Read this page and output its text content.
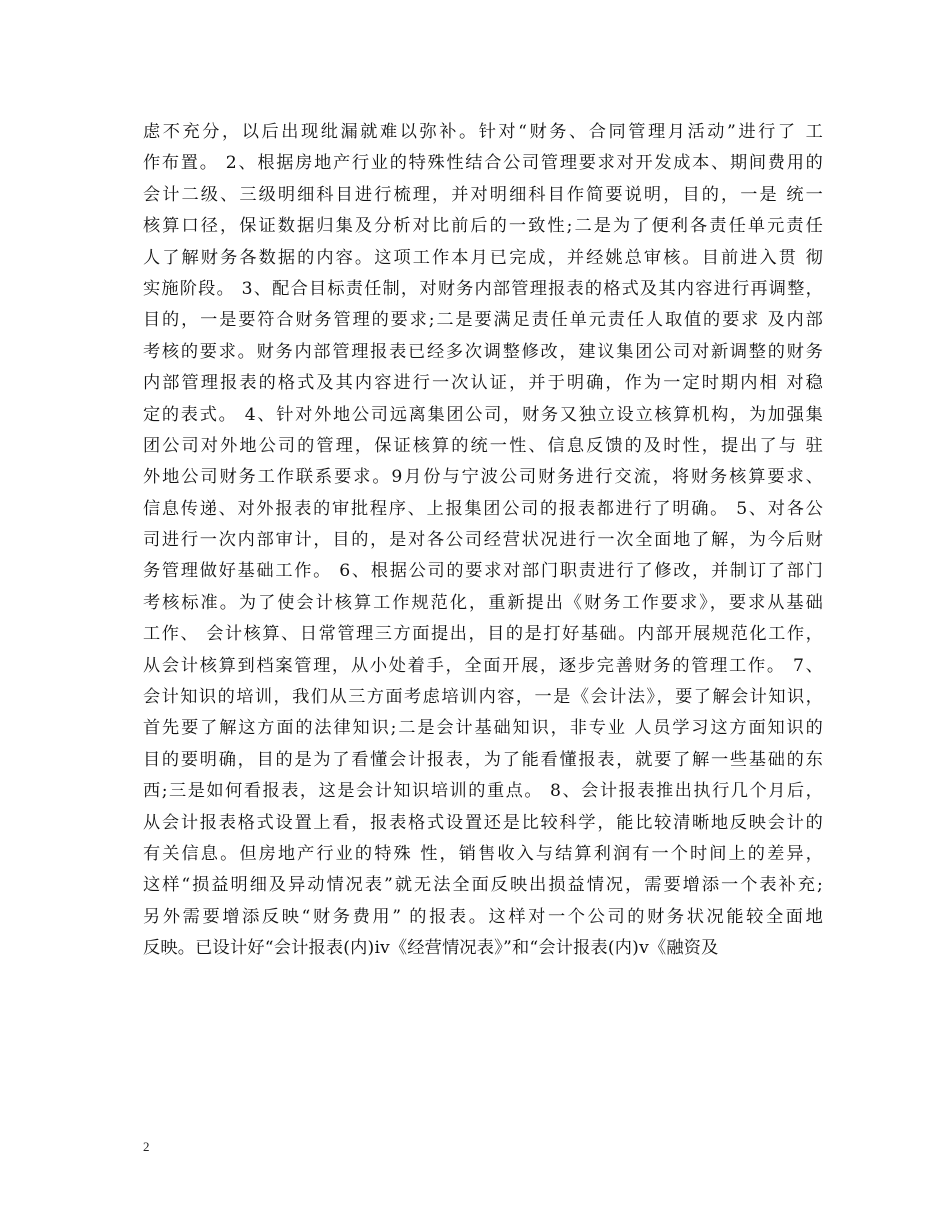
虑不充分，以后出现纰漏就难以弥补。针对“财务、合同管理月活动”进行了 工
作布置。 2、根据房地产行业的特殊性结合公司管理要求对开发成本、期间费用的
会计二级、三级明细科目进行梳理，并对明细科目作简要说明，目的，一是 统一
核算口径，保证数据归集及分析对比前后的一致性;二是为了便利各责任单元责任
人了解财务各数据的内容。这项工作本月已完成，并经姚总审核。目前进入贯 彻
实施阶段。 3、配合目标责任制，对财务内部管理报表的格式及其内容进行再调整，
目的，一是要符合财务管理的要求;二是要满足责任单元责任人取值的要求 及内部
考核的要求。财务内部管理报表已经多次调整修改，建议集团公司对新调整的财务
内部管理报表的格式及其内容进行一次认证，并于明确，作为一定时期内相 对稳
定的表式。 4、针对外地公司远离集团公司，财务又独立设立核算机构，为加强集
团公司对外地公司的管理，保证核算的统一性、信息反馈的及时性，提出了与 驻
外地公司财务工作联系要求。9月份与宁波公司财务进行交流，将财务核算要求、
信息传递、对外报表的审批程序、上报集团公司的报表都进行了明确。 5、对各公
司进行一次内部审计，目的，是对各公司经营状况进行一次全面地了解，为今后财
务管理做好基础工作。 6、根据公司的要求对部门职责进行了修改，并制订了部门
考核标准。为了使会计核算工作规范化，重新提出《财务工作要求》，要求从基础
工作、 会计核算、日常管理三方面提出，目的是打好基础。内部开展规范化工作，
从会计核算到档案管理，从小处着手，全面开展，逐步完善财务的管理工作。 7、
会计知识的培训，我们从三方面考虑培训内容，一是《会计法》，要了解会计知识，
首先要了解这方面的法律知识;二是会计基础知识，非专业 人员学习这方面知识的
目的要明确，目的是为了看懂会计报表，为了能看懂报表，就要了解一些基础的东
西;三是如何看报表，这是会计知识培训的重点。 8、会计报表推出执行几个月后，
从会计报表格式设置上看，报表格式设置还是比较科学，能比较清晰地反映会计的
有关信息。但房地产行业的特殊 性，销售收入与结算利润有一个时间上的差异，
这样“损益明细及异动情况表”就无法全面反映出损益情况，需要增添一个表补充;
另外需要增添反映“财务费用” 的报表。这样对一个公司的财务状况能较全面地
反映。已设计好“会计报表(内)ⅳ《经营情况表》”和“会计报表(内)ⅴ《融资及
2
